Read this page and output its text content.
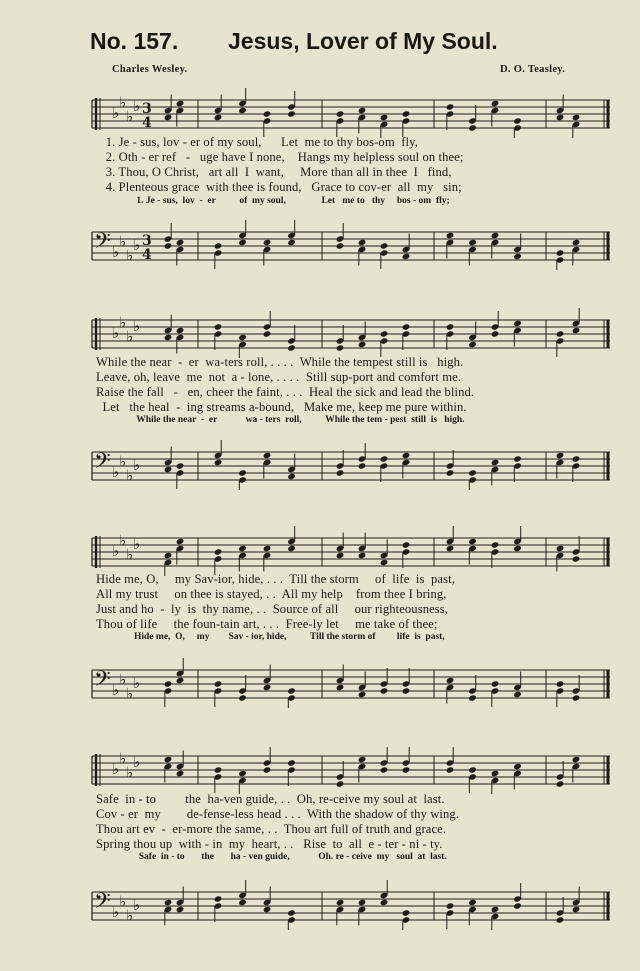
No. 157. Jesus, Lover of My Soul.
Charles Wesley.	D. O. Teasley.
♭
♭
♭
♭ 3
4
1. Je - sus, lov - er of my soul,      Let  me to thy bos-om  fly,
2. Oth - er ref   -   uge have I none,    Hangs my helpless soul on thee;
3. Thou, O Christ,   art all  I  want,     More than all in thee  I   find,
4. Plenteous grace  with thee is found,   Grace to cov-er  all  my   sin;
1. Je - sus,  lov  -  er          of  my soul,               Let   me to   thy     bos - om  fly;
𝄢 ♭
♭
♭
♭ 3
4
♭
♭
♭
♭
While the near  -  er  wa-ters roll, . . . .  While the tempest still is   high.
Leave, oh, leave  me  not  a - lone, . . . .  Still sup-port and comfort me.
Raise the fall   -   en, cheer the faint, . . .  Heal the sick and lead the blind.
Let   the heal  -  ing streams a-bound,   Make me, keep me pure within.
While the near  -  er            wa - ters  roll,          While the tem - pest  still  is   high.
𝄢 ♭
♭
♭
♭
♭
♭
♭
♭
Hide me, O,     my Sav-ior, hide, . . .  Till the storm     of  life  is  past,
All my trust     on thee is stayed, . .  All my help    from thee I bring,
Just and ho  -  ly  is  thy name, . .  Source of all     our righteousness,
Thou of life     the foun-tain art, . . .  Free-ly let     me take of thee;
Hide me,  O,     my        Sav - ior, hide,          Till the storm of         life  is  past,
𝄢 ♭
♭
♭
♭
♭
♭
♭
♭
Safe  in - to         the  ha-ven guide, . .  Oh, re-ceive my soul at  last.
Cov - er  my        de-fense-less head . . .  With the shadow of thy wing.
Thou art ev  -  er-more the same, . .  Thou art full of truth and grace.
Spring thou up  with - in  my  heart, . .   Rise  to  all  e - ter - ni - ty.
Safe  in - to       the       ha - ven guide,            Oh. re - ceive  my   soul  at  last.
𝄢 ♭
♭
♭
♭
